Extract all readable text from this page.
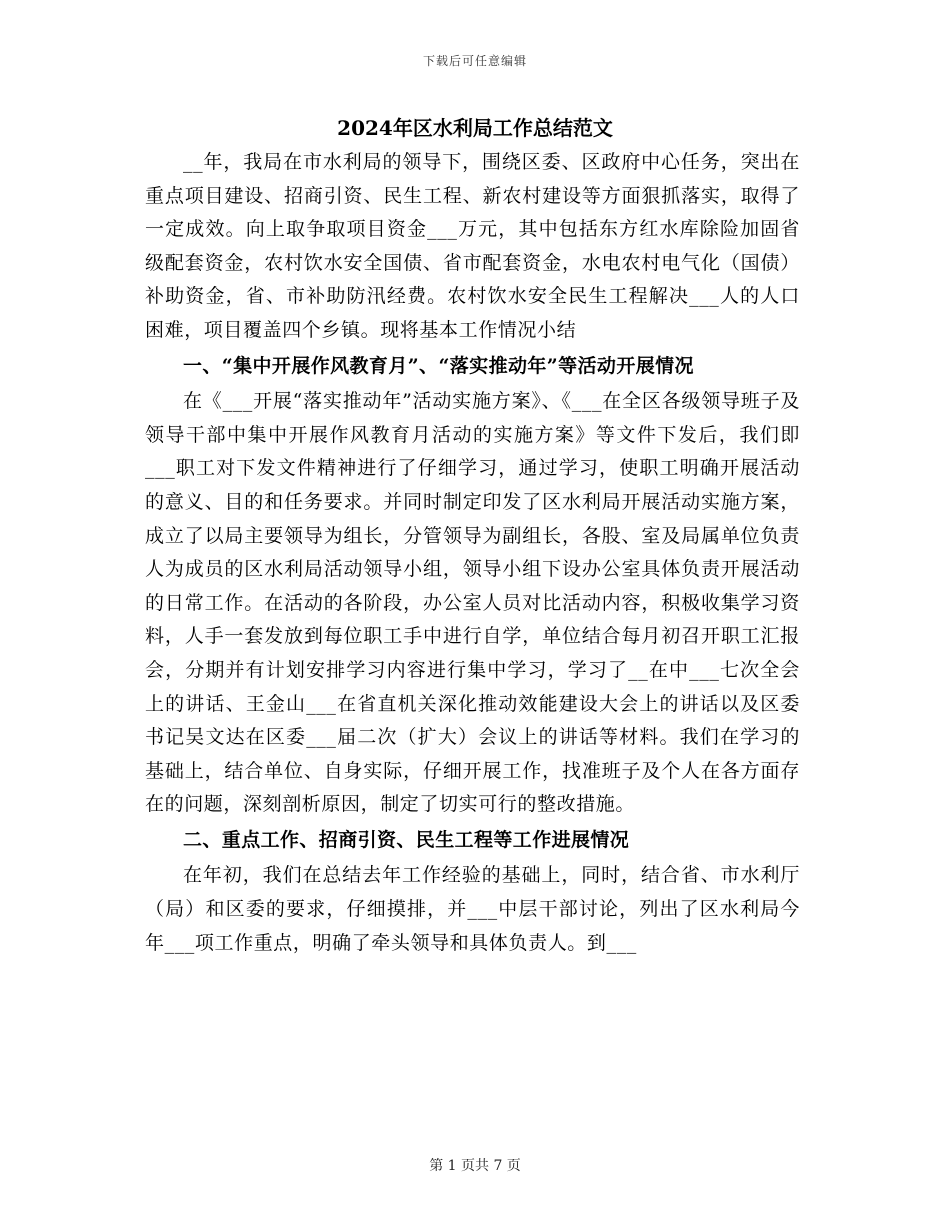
下载后可任意编辑
2024年区水利局工作总结范文

__年，我局在市水利局的领导下，围绕区委、区政府中心任务，突出在重点项目建设、招商引资、民生工程、新农村建设等方面狠抓落实，取得了一定成效。向上取争取项目资金___万元，其中包括东方红水库除险加固省级配套资金，农村饮水安全国债、省市配套资金，水电农村电气化（国债）补助资金，省、市补助防汛经费。农村饮水安全民生工程解决___人的人口困难，项目覆盖四个乡镇。现将基本工作情况小结

一、“集中开展作风教育月”、“落实推动年”等活动开展情况

在《___开展“落实推动年”活动实施方案》、《___在全区各级领导班子及领导干部中集中开展作风教育月活动的实施方案》等文件下发后，我们即___职工对下发文件精神进行了仔细学习，通过学习，使职工明确开展活动的意义、目的和任务要求。并同时制定印发了区水利局开展活动实施方案，成立了以局主要领导为组长，分管领导为副组长，各股、室及局属单位负责人为成员的区水利局活动领导小组，领导小组下设办公室具体负责开展活动的日常工作。在活动的各阶段，办公室人员对比活动内容，积极收集学习资料，人手一套发放到每位职工手中进行自学，单位结合每月初召开职工汇报会，分期并有计划安排学习内容进行集中学习，学习了__在中___七次全会上的讲话、王金山___在省直机关深化推动效能建设大会上的讲话以及区委书记吴文达在区委___届二次（扩大）会议上的讲话等材料。我们在学习的基础上，结合单位、自身实际，仔细开展工作，找准班子及个人在各方面存在的问题，深刻剖析原因，制定了切实可行的整改措施。

二、重点工作、招商引资、民生工程等工作进展情况

在年初，我们在总结去年工作经验的基础上，同时，结合省、市水利厅（局）和区委的要求，仔细摸排，并___中层干部讨论，列出了区水利局今年___项工作重点，明确了牵头领导和具体负责人。到___

第 1 页共 7 页
